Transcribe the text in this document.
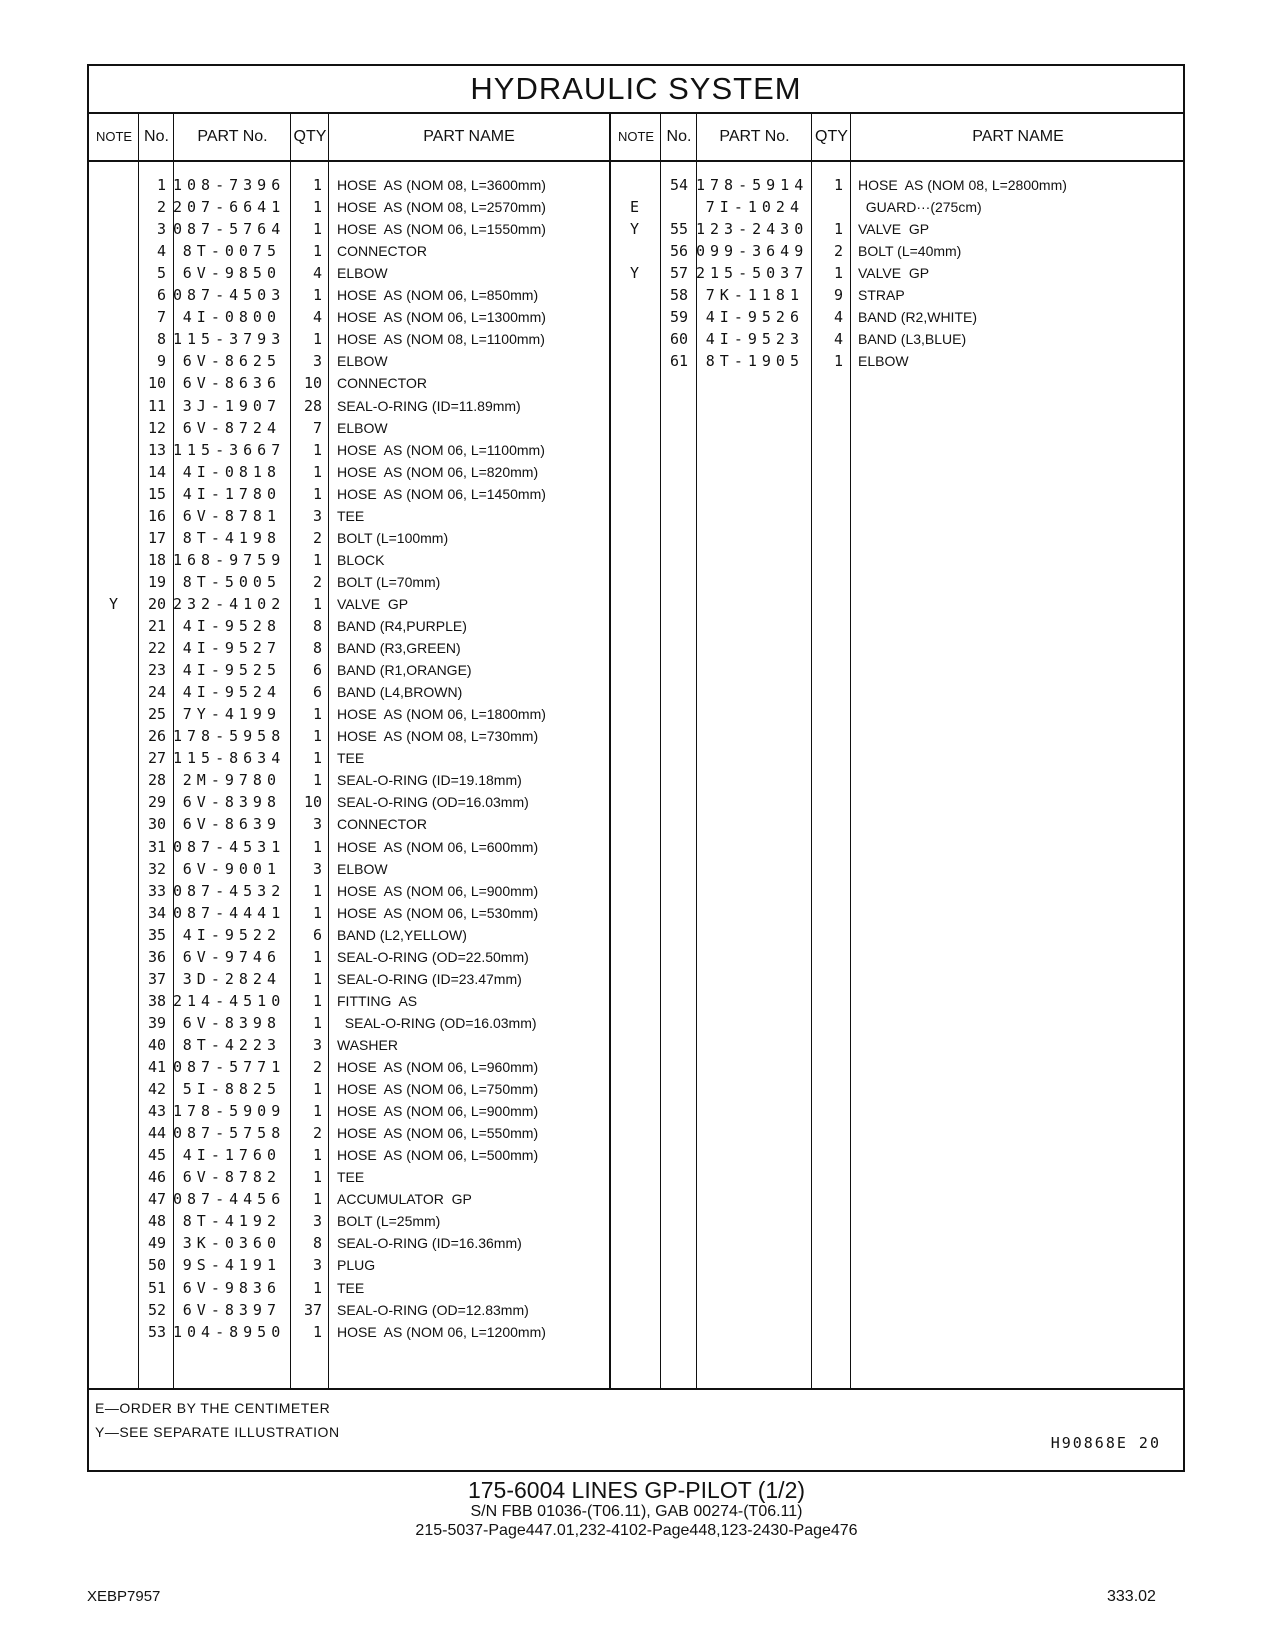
HYDRAULIC SYSTEM
NOTE No.	PART No.	QTY	PART NAME	NOTE No.	PART No.	QTY	PART NAME
1 108-7396	1 HOSE  AS (NOM 08, L=3600mm)
2 207-6641	1 HOSE  AS (NOM 08, L=2570mm)
3 087-5764	1 HOSE  AS (NOM 06, L=1550mm)
4	8T-0075	1 CONNECTOR
5	6V-9850	4 ELBOW
6 087-4503	1 HOSE  AS (NOM 06, L=850mm)
7	4I-0800	4 HOSE  AS (NOM 06, L=1300mm)
8 115-3793	1 HOSE  AS (NOM 08, L=1100mm)
9	6V-8625	3 ELBOW
10	6V-8636	10 CONNECTOR
11	3J-1907	28 SEAL-O-RING (ID=11.89mm)
12	6V-8724	7 ELBOW
13 115-3667	1 HOSE  AS (NOM 06, L=1100mm)
14	4I-0818	1 HOSE  AS (NOM 06, L=820mm)
15	4I-1780	1 HOSE  AS (NOM 06, L=1450mm)
16	6V-8781	3 TEE
17	8T-4198	2 BOLT (L=100mm)
18 168-9759	1 BLOCK
19	8T-5005	2 BOLT (L=70mm)
Y	20 232-4102	1 VALVE  GP
21	4I-9528	8 BAND (R4,PURPLE)
22	4I-9527	8 BAND (R3,GREEN)
23	4I-9525	6 BAND (R1,ORANGE)
24	4I-9524	6 BAND (L4,BROWN)
25	7Y-4199	1 HOSE  AS (NOM 06, L=1800mm)
26 178-5958	1 HOSE  AS (NOM 08, L=730mm)
27 115-8634	1 TEE
28	2M-9780	1 SEAL-O-RING (ID=19.18mm)
29	6V-8398	10 SEAL-O-RING (OD=16.03mm)
30	6V-8639	3 CONNECTOR
31 087-4531	1 HOSE  AS (NOM 06, L=600mm)
32	6V-9001	3 ELBOW
33 087-4532	1 HOSE  AS (NOM 06, L=900mm)
34 087-4441	1 HOSE  AS (NOM 06, L=530mm)
35	4I-9522	6 BAND (L2,YELLOW)
36	6V-9746	1 SEAL-O-RING (OD=22.50mm)
37	3D-2824	1 SEAL-O-RING (ID=23.47mm)
38 214-4510	1 FITTING  AS
39	6V-8398	1 SEAL-O-RING (OD=16.03mm)
40	8T-4223	3 WASHER
41 087-5771	2 HOSE  AS (NOM 06, L=960mm)
42	5I-8825	1 HOSE  AS (NOM 06, L=750mm)
43 178-5909	1 HOSE  AS (NOM 06, L=900mm)
44 087-5758	2 HOSE  AS (NOM 06, L=550mm)
45	4I-1760	1 HOSE  AS (NOM 06, L=500mm)
46	6V-8782	1 TEE
47 087-4456	1 ACCUMULATOR  GP
48	8T-4192	3 BOLT (L=25mm)
49	3K-0360	8 SEAL-O-RING (ID=16.36mm)
50	9S-4191	3 PLUG
51	6V-9836	1 TEE
52	6V-8397	37 SEAL-O-RING (OD=12.83mm)
53 104-8950	1 HOSE  AS (NOM 06, L=1200mm)
54 178-5914	1 HOSE  AS (NOM 08, L=2800mm)
E	7I-1024	GUARD···(275cm)
Y	55 123-2430	1 VALVE  GP
56 099-3649	2 BOLT (L=40mm)
Y	57 215-5037	1 VALVE  GP
58	7K-1181	9 STRAP
59	4I-9526	4 BAND (R2,WHITE)
60	4I-9523	4 BAND (L3,BLUE)
61	8T-1905	1 ELBOW
E—ORDER BY THE CENTIMETER
Y—SEE SEPARATE ILLUSTRATION
H90868E 20
175-6004 LINES GP-PILOT (1/2)
S/N FBB 01036-(T06.11), GAB 00274-(T06.11)
215-5037-Page447.01,232-4102-Page448,123-2430-Page476
XEBP7957	333.02
